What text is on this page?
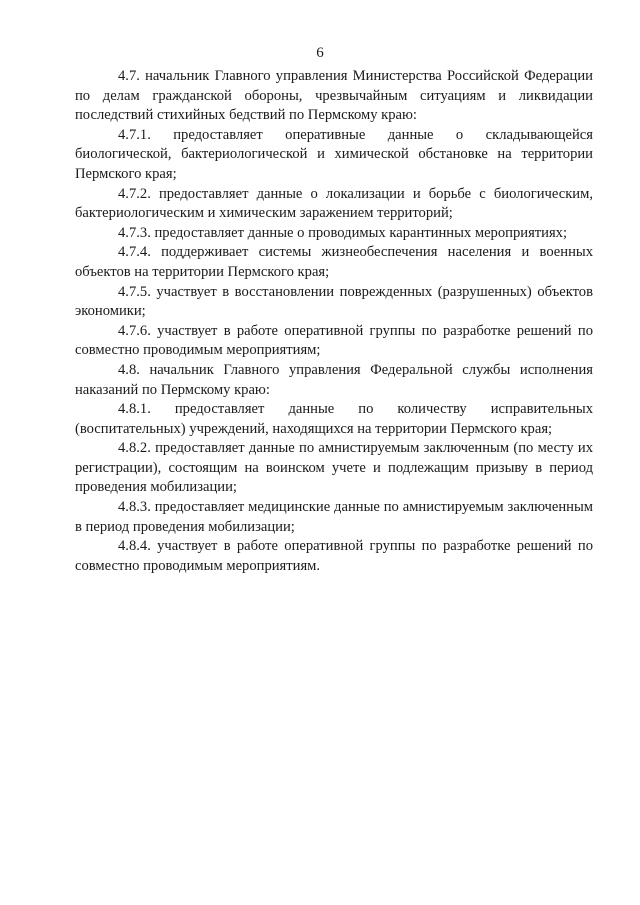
6

4.7. начальник Главного управления Министерства Российской Федерации по делам гражданской обороны, чрезвычайным ситуациям и ликвидации последствий стихийных бедствий по Пермскому краю:

4.7.1. предоставляет оперативные данные о складывающейся биологической, бактериологической и химической обстановке на территории Пермского края;

4.7.2. предоставляет данные о локализации и борьбе с биологическим, бактериологическим и химическим заражением территорий;

4.7.3. предоставляет данные о проводимых карантинных мероприятиях;

4.7.4. поддерживает системы жизнеобеспечения населения и военных объектов на территории Пермского края;

4.7.5. участвует в восстановлении поврежденных (разрушенных) объектов экономики;

4.7.6. участвует в работе оперативной группы по разработке решений по совместно проводимым мероприятиям;

4.8. начальник Главного управления Федеральной службы исполнения наказаний по Пермскому краю:

4.8.1. предоставляет данные по количеству исправительных (воспитательных) учреждений, находящихся на территории Пермского края;

4.8.2. предоставляет данные по амнистируемым заключенным (по месту их регистрации), состоящим на воинском учете и подлежащим призыву в период проведения мобилизации;

4.8.3. предоставляет медицинские данные по амнистируемым заключенным в период проведения мобилизации;

4.8.4. участвует в работе оперативной группы по разработке решений по совместно проводимым мероприятиям.
